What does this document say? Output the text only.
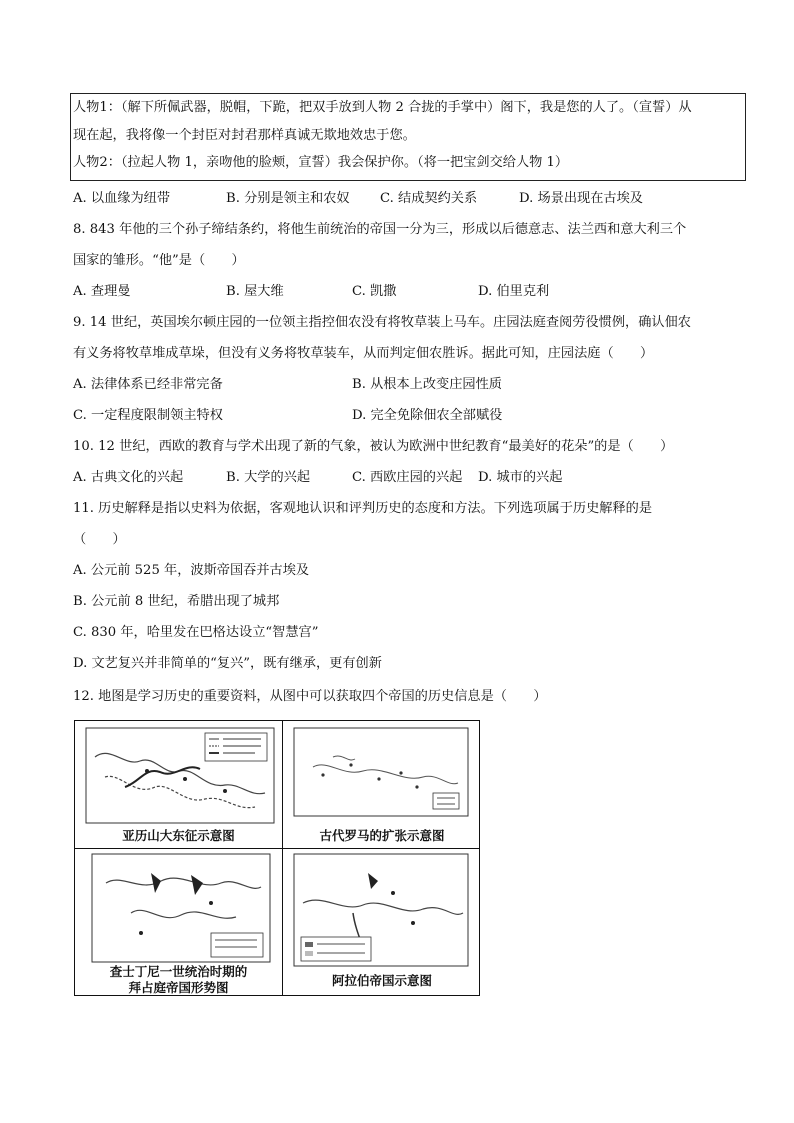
人物1：（解下所佩武器，脱帽，下跪，把双手放到人物 2 合拢的手掌中）阁下，我是您的人了。（宣誓）从
现在起，我将像一个封臣对封君那样真诚无欺地效忠于您。
人物2：（拉起人物 1，亲吻他的脸颊，宣誓）我会保护你。（将一把宝剑交给人物 1）
A. 以血缘为纽带	B. 分别是领主和农奴 C. 结成契约关系	D. 场景出现在古埃及
8. 843 年他的三个孙子缔结条约，将他生前统治的帝国一分为三，形成以后德意志、法兰西和意大利三个
国家的雏形。“他”是（　　）
A. 查理曼	B. 屋大维	C. 凯撒	D. 伯里克利
9. 14 世纪，英国埃尔顿庄园的一位领主指控佃农没有将牧草装上马车。庄园法庭查阅劳役惯例，确认佃农
有义务将牧草堆成草垛，但没有义务将牧草装车，从而判定佃农胜诉。据此可知，庄园法庭（　　）
A. 法律体系已经非常完备	B. 从根本上改变庄园性质
C. 一定程度限制领主特权	D. 完全免除佃农全部赋役
10. 12 世纪，西欧的教育与学术出现了新的气象，被认为欧洲中世纪教育“最美好的花朵”的是（　　）
A. 古典文化的兴起	B. 大学的兴起	C. 西欧庄园的兴起 D. 城市的兴起
11. 历史解释是指以史料为依据，客观地认识和评判历史的态度和方法。下列选项属于历史解释的是
（　　）
A. 公元前 525 年，波斯帝国吞并古埃及
B. 公元前 8 世纪，希腊出现了城邦
C. 830 年，哈里发在巴格达设立“智慧宫”
D. 文艺复兴并非简单的“复兴”，既有继承，更有创新
12. 地图是学习历史的重要资料，从图中可以获取四个帝国的历史信息是（　　）
亚历山大东征示意图	古代罗马的扩张示意图
查士丁尼一世统治时期的
拜占庭帝国形势图	阿拉伯帝国示意图
